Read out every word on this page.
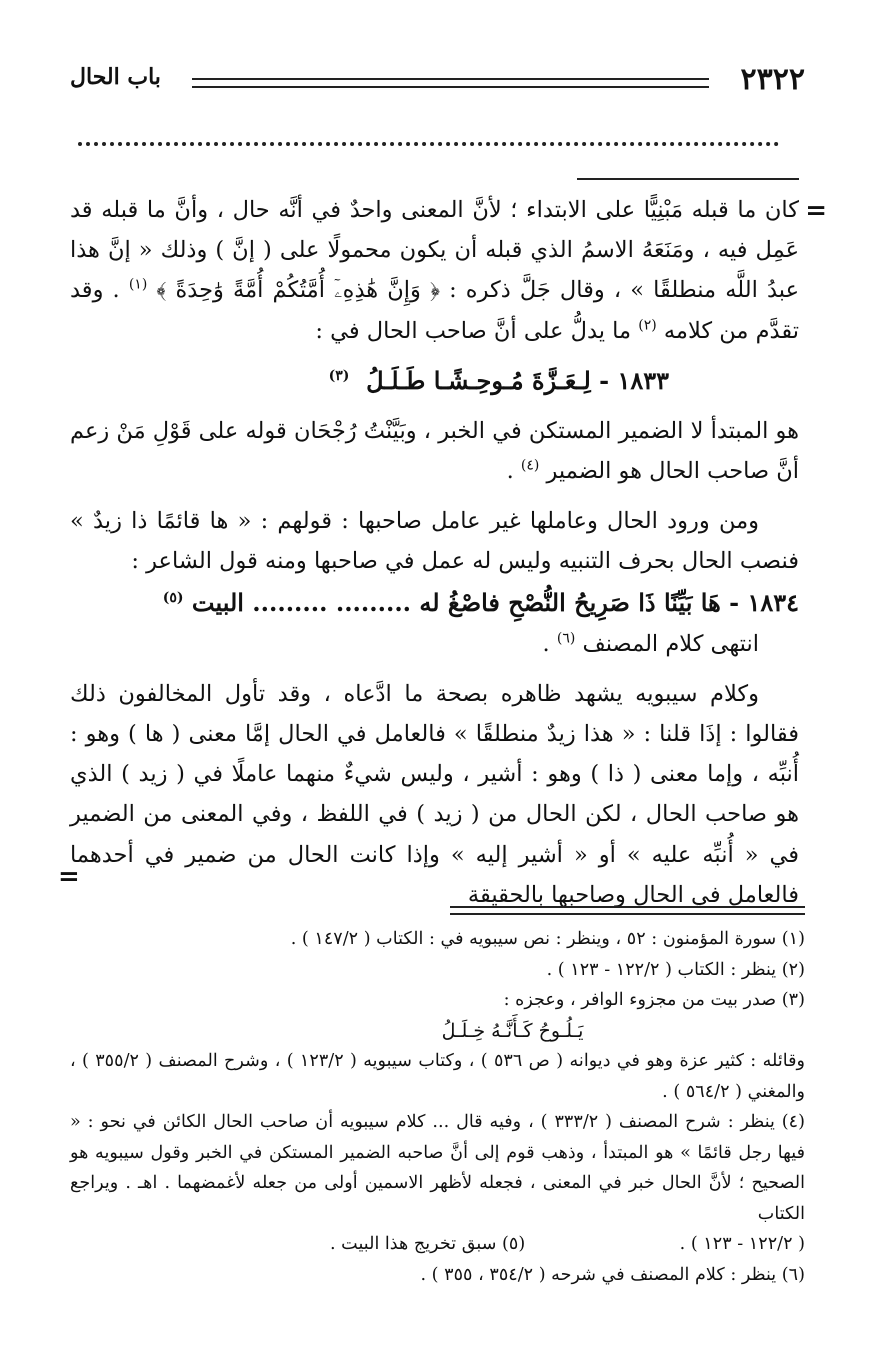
٢٣٢٢
باب الحال
=

كان ما قبله مَبْنِيًّا على الابتداء ؛ لأنَّ المعنى واحدٌ في أنَّه حال ، وأنَّ ما قبله قد عَمِل فيه ، ومَنَعَهُ الاسمُ الذي قبله أن يكون محمولًا على ( إنَّ ) وذلك « إنَّ هذا عبدُ اللَّه منطلقًا » ، وقال جَلَّ ذكره : ﴿ وَإِنَّ هَٰذِهِۦٓ أُمَّتُكُمْ أُمَّةً وَٰحِدَةً ﴾ $^{(١)}$ . وقد تقدَّم من كلامه $^{(٢)}$ ما يدلُّ على أنَّ صاحب الحال في :

١٨٣٣ - لِـعَـزَّةَ مُـوحِـشًـا طَـلَـلُ  $^{(٣)}$

هو المبتدأ لا الضمير المستكن في الخبر ، وبَيَّنْتُ رُجْحَان قوله على قَوْلِ مَنْ زعم أنَّ صاحب الحال هو الضمير $^{(٤)}$ .

ومن ورود الحال وعاملها غير عامل صاحبها : قولهم : « ها قائمًا ذا زيدٌ » فنصب الحال بحرف التنبيه وليس له عمل في صاحبها ومنه قول الشاعر :

١٨٣٤ - هَا بَيِّنًا ذَا صَرِيحُ النُّصْحِ فاصْغُ له ......... ......... البيت $^{(٥)}$

انتهى كلام المصنف $^{(٦)}$ .

وكلام سيبويه يشهد ظاهره بصحة ما ادَّعاه ، وقد تأول المخالفون ذلك فقالوا : إذَا قلنا : « هذا زيدٌ منطلقًا » فالعامل في الحال إمَّا معنى ( ها ) وهو : أُنبِّه ، وإما معنى ( ذا ) وهو : أشير ، وليس شيءٌ منهما عاملًا في ( زيد ) الذي هو صاحب الحال ، لكن الحال من ( زيد ) في اللفظ ، وفي المعنى من الضمير في « أُنبِّه عليه » أو « أشير إليه » وإذا كانت الحال من ضمير في أحدهما فالعامل في الحال وصاحبها بالحقيقة

=

(١) سورة المؤمنون : ٥٢ ، وينظر : نص سيبويه في : الكتاب ( ١٤٧/٢ ) .

(٢) ينظر : الكتاب ( ١٢٢/٢ - ١٢٣ ) .

(٣) صدر بيت من مجزوء الوافر ، وعجزه :

يَـلُـوحُ كَـأَنَّـهُ خِـلَـلُ

وقائله : كثير عزة وهو في ديوانه ( ص ٥٣٦ ) ، وكتاب سيبويه ( ١٢٣/٢ ) ، وشرح المصنف ( ٣٥٥/٢ ) ، والمغني ( ٥٦٤/٢ ) .

(٤) ينظر : شرح المصنف ( ٣٣٣/٢ ) ، وفيه قال ... كلام سيبويه أن صاحب الحال الكائن في نحو : « فيها رجل قائمًا » هو المبتدأ ، وذهب قوم إلى أنَّ صاحبه الضمير المستكن في الخبر وقول سيبويه هو الصحيح ؛ لأنَّ الحال خبر في المعنى ، فجعله لأظهر الاسمين أولى من جعله لأغمضهما . اهـ . ويراجع الكتاب

( ١٢٢/٢ - ١٢٣ ) .
(٥) سبق تخريج هذا البيت .

(٦) ينظر : كلام المصنف في شرحه ( ٣٥٤/٢ ، ٣٥٥ ) .
